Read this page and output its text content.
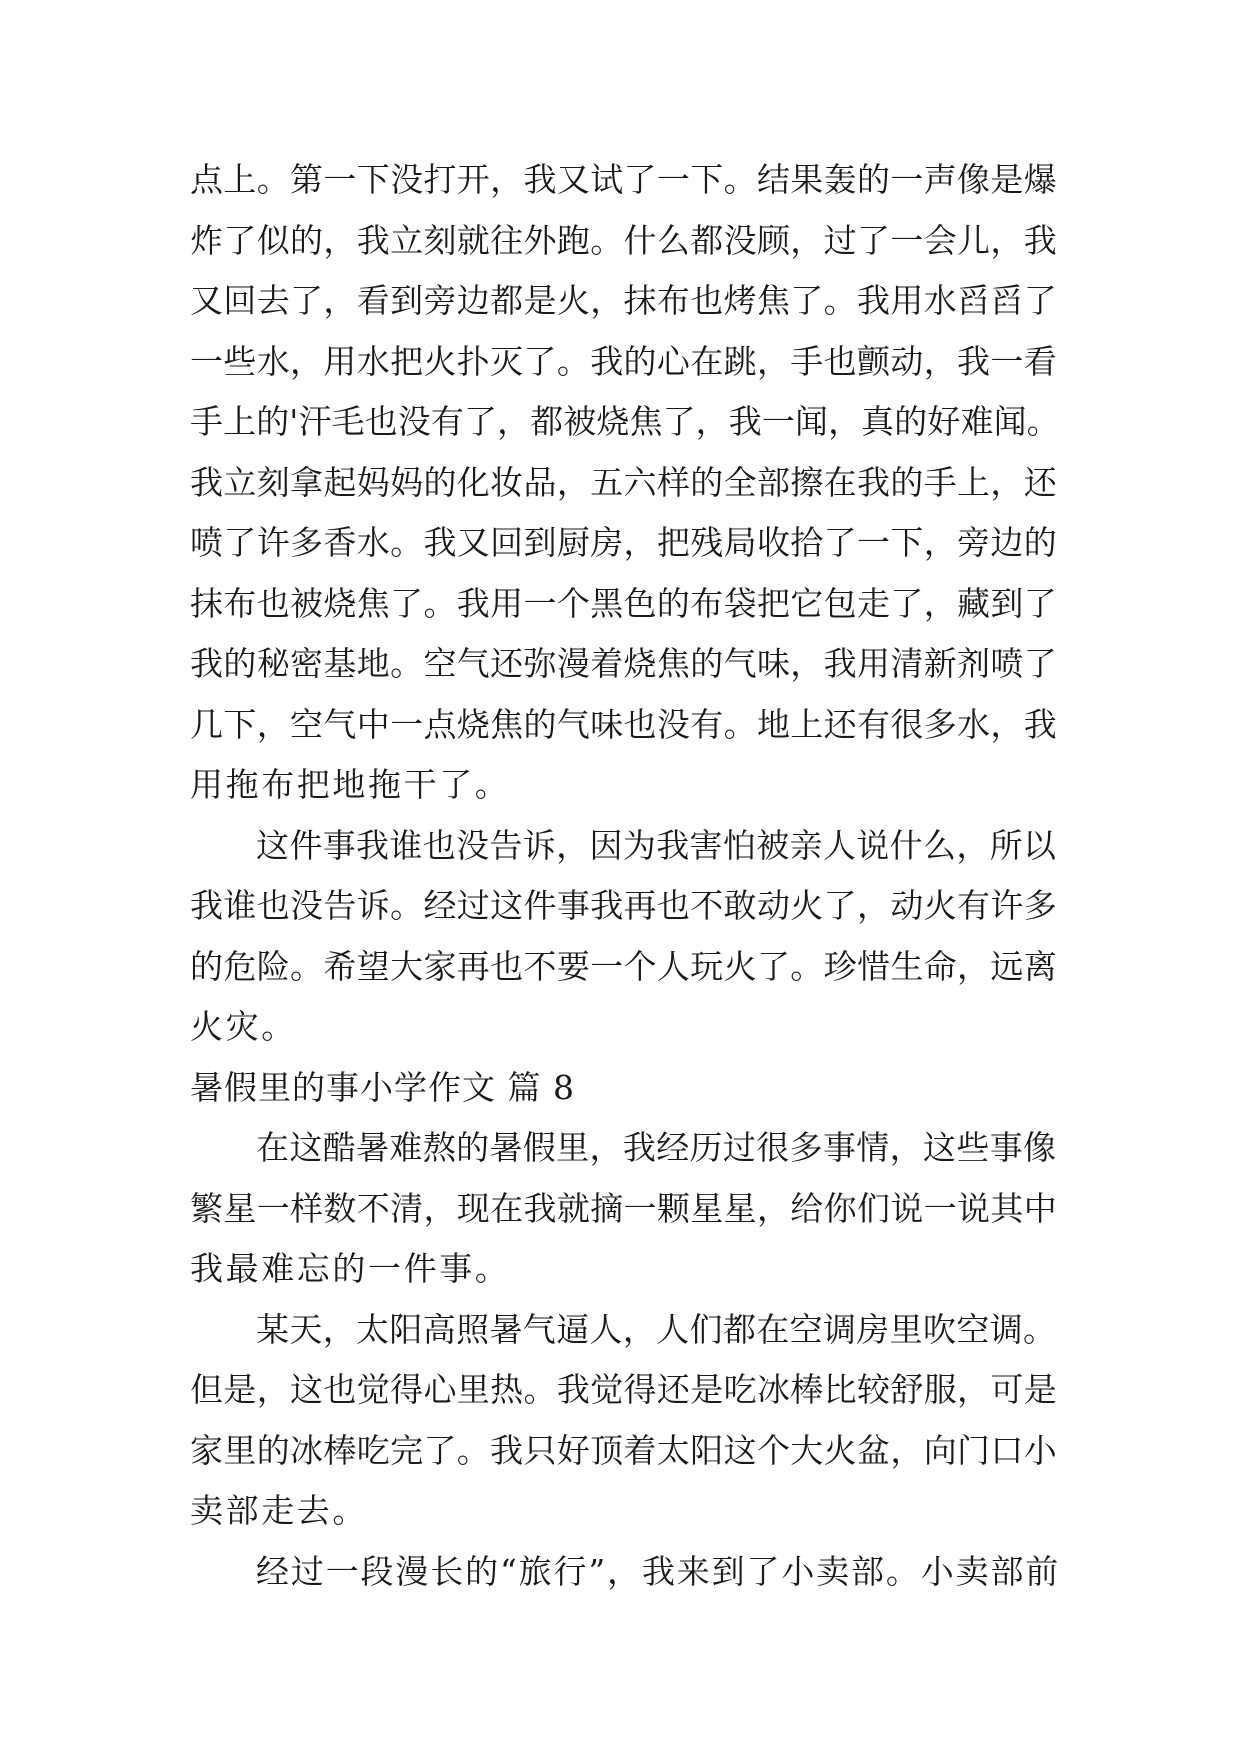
点上。第一下没打开，我又试了一下。结果轰的一声像是爆
炸了似的，我立刻就往外跑。什么都没顾，过了一会儿，我
又回去了，看到旁边都是火，抹布也烤焦了。我用水舀舀了
一些水，用水把火扑灭了。我的心在跳，手也颤动，我一看
手上的'汗毛也没有了，都被烧焦了，我一闻，真的好难闻。
我立刻拿起妈妈的化妆品，五六样的全部擦在我的手上，还
喷了许多香水。我又回到厨房，把残局收拾了一下，旁边的
抹布也被烧焦了。我用一个黑色的布袋把它包走了，藏到了
我的秘密基地。空气还弥漫着烧焦的气味，我用清新剂喷了
几下，空气中一点烧焦的气味也没有。地上还有很多水，我
用拖布把地拖干了。
这件事我谁也没告诉，因为我害怕被亲人说什么，所以
我谁也没告诉。经过这件事我再也不敢动火了，动火有许多
的危险。希望大家再也不要一个人玩火了。珍惜生命，远离
火灾。
暑假里的事小学作文 篇 8
在这酷暑难熬的暑假里，我经历过很多事情，这些事像
繁星一样数不清，现在我就摘一颗星星，给你们说一说其中
我最难忘的一件事。
某天，太阳高照暑气逼人，人们都在空调房里吹空调。
但是，这也觉得心里热。我觉得还是吃冰棒比较舒服，可是
家里的冰棒吃完了。我只好顶着太阳这个大火盆，向门口小
卖部走去。
经过一段漫长的“旅行”，我来到了小卖部。小卖部前
